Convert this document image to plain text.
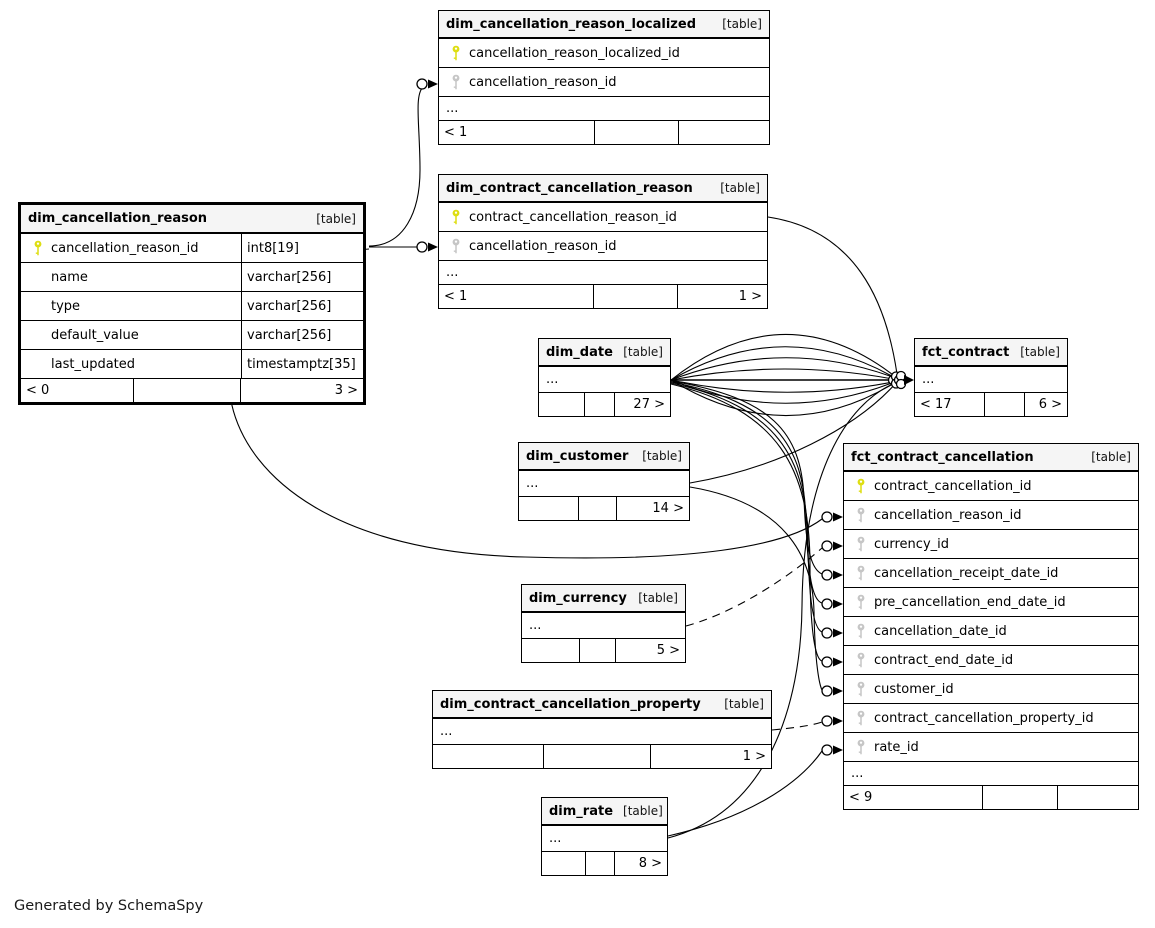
dim_cancellation_reason_localized [table]
cancellation_reason_localized_id
cancellation_reason_id
...
< 1
dim_contract_cancellation_reason [table]
contract_cancellation_reason_id
cancellation_reason_id
...
< 1	1 >
dim_cancellation_reason	[table]
cancellation_reason_id	int8[19]
name	varchar[256]
type	varchar[256]
default_value	varchar[256]
last_updated	timestamptz[35]
< 0	3 >
dim_date [table]
...
27 >
fct_contract [table]
...
< 17	6 >
dim_customer [table]
...
14 >
fct_contract_cancellation	[table]
contract_cancellation_id
cancellation_reason_id
currency_id
cancellation_receipt_date_id
pre_cancellation_end_date_id
cancellation_date_id
contract_end_date_id
customer_id
contract_cancellation_property_id
rate_id
...
< 9
dim_currency [table]
...
5 >
dim_contract_cancellation_property [table]
...
1 >
dim_rate [table]
...
8 >
Generated by SchemaSpy
